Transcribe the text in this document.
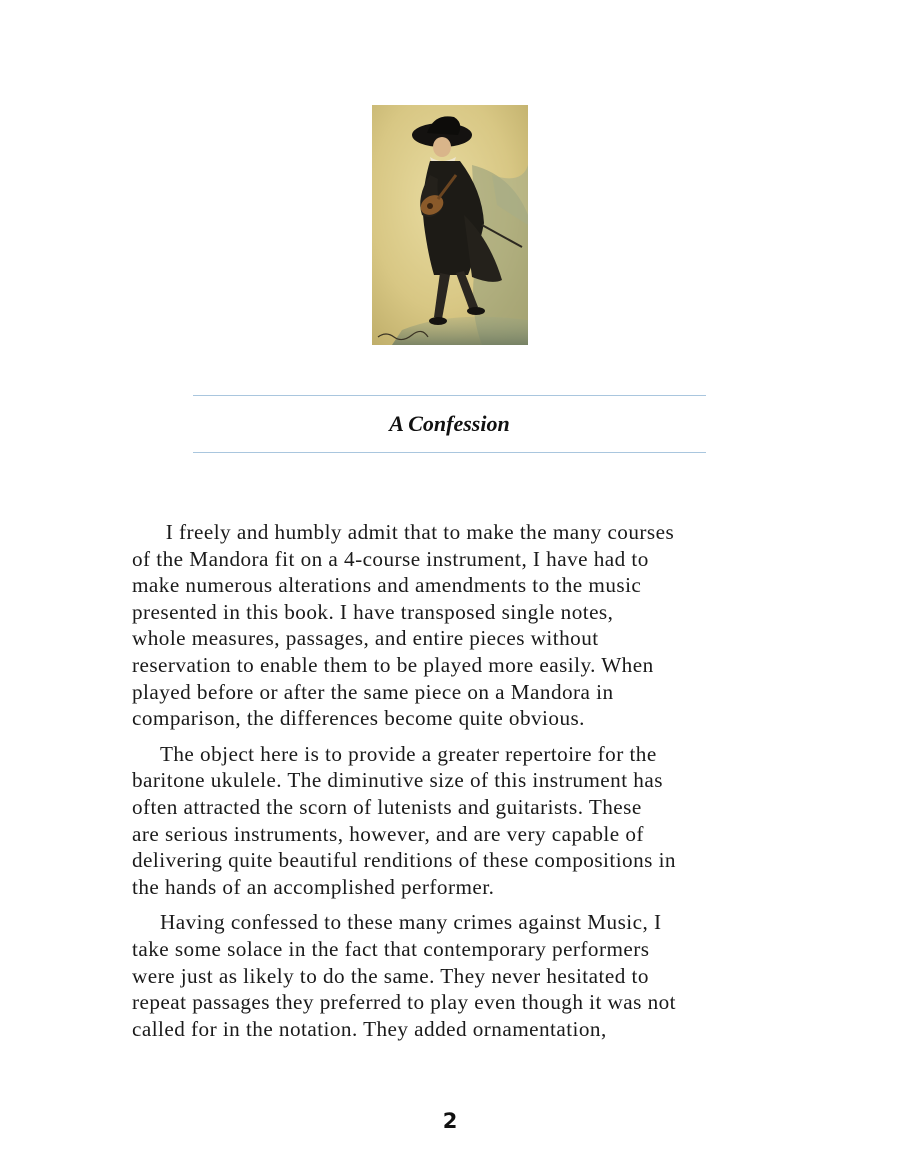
A Confession

I freely and humbly admit that to make the many courses
of the Mandora fit on a 4-course instrument, I have had to
make numerous alterations and amendments to the music
presented in this book. I have transposed single notes,
whole measures, passages, and entire pieces without
reservation to enable them to be played more easily. When
played before or after the same piece on a Mandora in
comparison, the differences become quite obvious.

The object here is to provide a greater repertoire for the
baritone ukulele. The diminutive size of this instrument has
often attracted the scorn of lutenists and guitarists. These
are serious instruments, however, and are very capable of
delivering quite beautiful renditions of these compositions in
the hands of an accomplished performer.

Having confessed to these many crimes against Music, I
take some solace in the fact that contemporary performers
were just as likely to do the same. They never hesitated to
repeat passages they preferred to play even though it was not
called for in the notation. They added ornamentation,

2
